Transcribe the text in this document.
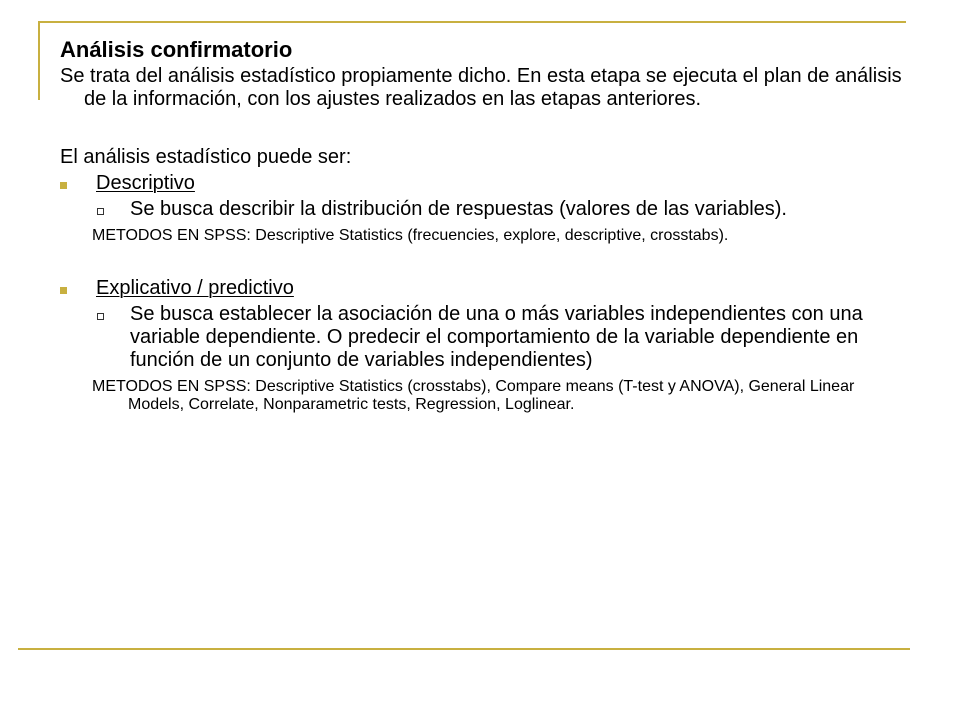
Análisis confirmatorio

Se trata del análisis estadístico propiamente dicho. En esta etapa se ejecuta el plan de análisis de la información, con los ajustes realizados en las etapas anteriores.

El análisis estadístico puede ser:

Descriptivo
Se busca describir la distribución de respuestas (valores de las variables).

METODOS EN SPSS: Descriptive Statistics (frecuencies, explore, descriptive, crosstabs).

Explicativo / predictivo
Se busca establecer la asociación de una o más variables independientes con una variable dependiente. O predecir el comportamiento de la variable dependiente en función de un conjunto de variables independientes)

METODOS EN SPSS: Descriptive Statistics (crosstabs), Compare means (T-test y ANOVA), General Linear Models, Correlate, Nonparametric tests, Regression, Loglinear.
